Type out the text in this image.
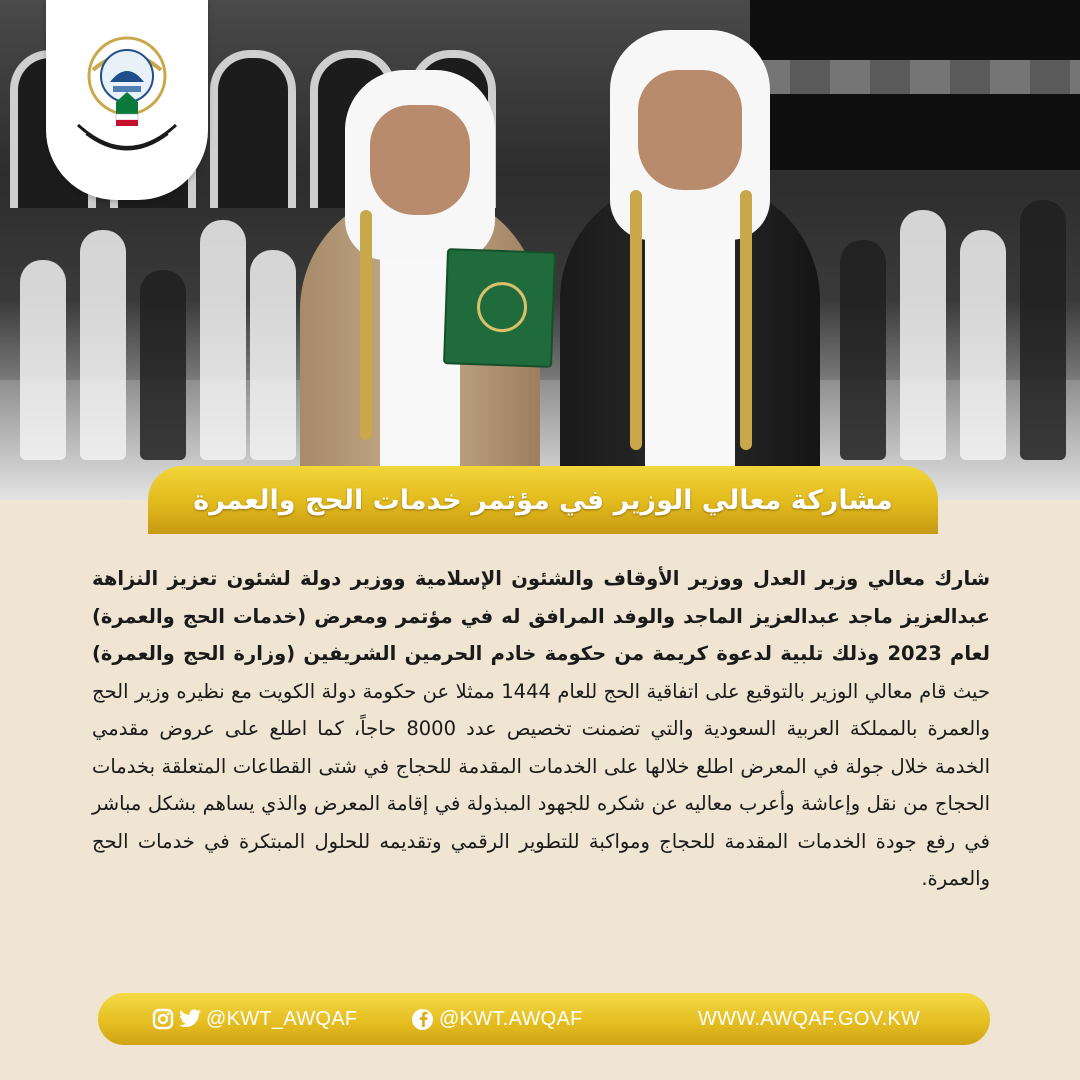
مشاركة معالي الوزير في مؤتمر خدمات الحج والعمرة
شارك معالي وزير العدل ووزير الأوقاف والشئون الإسلامية ووزير دولة لشئون تعزيز النزاهة عبدالعزيز ماجد عبدالعزيز الماجد والوفد المرافق له في مؤتمر ومعرض (خدمات الحج والعمرة) لعام 2023 وذلك تلبية لدعوة كريمة من حكومة خادم الحرمين الشريفين (وزارة الحج والعمرة) حيث قام معالي الوزير بالتوقيع على اتفاقية الحج للعام 1444 ممثلا عن حكومة دولة الكويت مع نظيره وزير الحج والعمرة بالمملكة العربية السعودية والتي تضمنت تخصيص عدد 8000 حاجاً، كما اطلع على عروض مقدمي الخدمة خلال جولة في المعرض اطلع خلالها على الخدمات المقدمة للحجاج في شتى القطاعات المتعلقة بخدمات الحجاج من نقل وإعاشة وأعرب معاليه عن شكره للجهود المبذولة في إقامة المعرض والذي يساهم بشكل مباشر في رفع جودة الخدمات المقدمة للحجاج ومواكبة للتطوير الرقمي وتقديمه للحلول المبتكرة في خدمات الحج والعمرة.
@KWT_AWQAF	@KWT.AWQAF	WWW.AWQAF.GOV.KW
